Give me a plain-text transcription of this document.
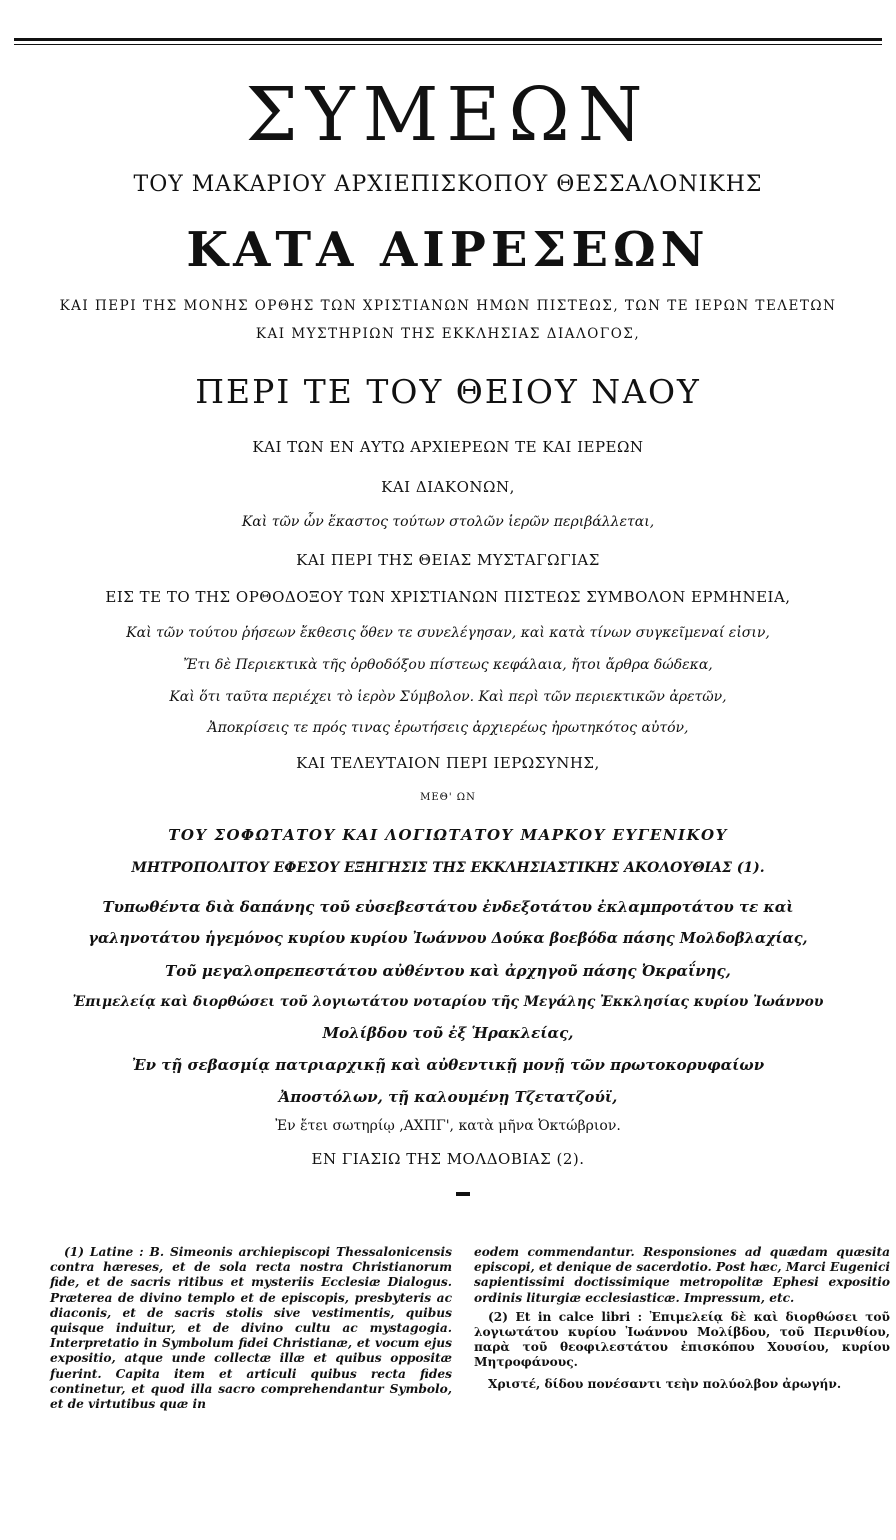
ΣΥΜΕΩΝ
ΤΟΥ ΜΑΚΑΡΙΟΥ ΑΡΧΙΕΠΙΣΚΟΠΟΥ ΘΕΣΣΑΛΟΝΙΚΗΣ
ΚΑΤΑ ΑΙΡΕΣΕΩΝ
ΚΑΙ ΠΕΡΙ ΤΗΣ ΜΟΝΗΣ ΟΡΘΗΣ ΤΩΝ ΧΡΙΣΤΙΑΝΩΝ ΗΜΩΝ ΠΙΣΤΕΩΣ, ΤΩΝ ΤΕ ΙΕΡΩΝ ΤΕΛΕΤΩΝ
ΚΑΙ ΜΥΣΤΗΡΙΩΝ ΤΗΣ ΕΚΚΛΗΣΙΑΣ ΔΙΑΛΟΓΟΣ,
ΠΕΡΙ ΤΕ ΤΟΥ ΘΕΙΟΥ ΝΑΟΥ
ΚΑΙ ΤΩΝ ΕΝ ΑΥΤΩ ΑΡΧΙΕΡΕΩΝ ΤΕ ΚΑΙ ΙΕΡΕΩΝ
ΚΑΙ ΔΙΑΚΟΝΩΝ,
Καὶ τῶν ὧν ἕκαστος τούτων στολῶν ἱερῶν περιβάλλεται,
ΚΑΙ ΠΕΡΙ ΤΗΣ ΘΕΙΑΣ ΜΥΣΤΑΓΩΓΙΑΣ
ΕΙΣ ΤΕ ΤΟ ΤΗΣ ΟΡΘΟΔΟΞΟΥ ΤΩΝ ΧΡΙΣΤΙΑΝΩΝ ΠΙΣΤΕΩΣ ΣΥΜΒΟΛΟΝ ΕΡΜΗΝΕΙΑ,
Καὶ τῶν τούτου ῥήσεων ἔκθεσις ὅθεν τε συνελέγησαν, καὶ κατὰ τίνων συγκεῖμεναί εἰσιν,
Ἔτι δὲ Περιεκτικὰ τῆς ὀρθοδόξου πίστεως κεφάλαια, ἤτοι ἄρθρα δώδεκα,
Καὶ ὅτι ταῦτα περιέχει τὸ ἱερὸν Σύμβολον. Καὶ περὶ τῶν περιεκτικῶν ἀρετῶν,
Ἀποκρίσεις τε πρός τινας ἐρωτήσεις ἀρχιερέως ἠρωτηκότος αὐτόν,
ΚΑΙ ΤΕΛΕΥΤΑΙΟΝ ΠΕΡΙ ΙΕΡΩΣΥΝΗΣ,
ΜΕΘ' ΩΝ
ΤΟΥ ΣΟΦΩΤΑΤΟΥ ΚΑΙ ΛΟΓΙΩΤΑΤΟΥ ΜΑΡΚΟΥ ΕΥΓΕΝΙΚΟΥ
ΜΗΤΡΟΠΟΛΙΤΟΥ ΕΦΕΣΟΥ ΕΞΗΓΗΣΙΣ ΤΗΣ ΕΚΚΛΗΣΙΑΣΤΙΚΗΣ ΑΚΟΛΟΥΘΙΑΣ (1).
Τυπωθέντα διὰ δαπάνης τοῦ εὐσεβεστάτου ἐνδεξοτάτου ἐκλαμπροτάτου τε καὶ
γαληνοτάτου ἡγεμόνος κυρίου κυρίου Ἰωάννου Δούκα βοεβόδα πάσης Μολδοβλαχίας,
Τοῦ μεγαλοπρεπεστάτου αὐθέντου καὶ ἀρχηγοῦ πάσης Ὀκραΐνης,
Ἐπιμελείᾳ καὶ διορθώσει τοῦ λογιωτάτου νοταρίου τῆς Μεγάλης Ἐκκλησίας κυρίου Ἰωάννου
Μολίβδου τοῦ ἐξ Ἡρακλείας,
Ἐν τῇ σεβασμίᾳ πατριαρχικῇ καὶ αὐθεντικῇ μονῇ τῶν πρωτοκορυφαίων
Ἀποστόλων, τῇ καλουμένῃ Τζετατζούϊ,
Ἐν ἔτει σωτηρίῳ ,ΑΧΠΓ', κατὰ μῆνα Ὀκτώβριον.
ΕΝ ΓΙΑΣΙΩ ΤΗΣ ΜΟΛΔΟΒΙΑΣ (2).

(1) Latine : B. Simeonis archiepiscopi Thessalonicensis contra hæreses, et de sola recta nostra Christianorum fide, et de sacris ritibus et mysteriis Ecclesiæ Dialogus. Præterea de divino templo et de episcopis, presbyteris ac diaconis, et de sacris stolis sive vestimentis, quibus quisque induitur, et de divino cultu ac mystagogia. Interpretatio in Symbolum fidei Christianæ, et vocum ejus expositio, atque unde collectæ illæ et quibus oppositæ fuerint. Capita item et articuli quibus recta fides continetur, et quod illa sacro comprehendantur Symbolo, et de virtutibus quæ in

eodem commendantur. Responsiones ad quædam quæsita episcopi, et denique de sacerdotio. Post hæc, Marci Eugenici sapientissimi doctissimique metropolitæ Ephesi expositio ordinis liturgiæ ecclesiasticæ. Impressum, etc.

(2) Et in calce libri : Ἐπιμελείᾳ δὲ καὶ διορθώσει τοῦ λογιωτάτου κυρίου Ἰωάννου Μολίβδου, τοῦ Περινθίου, παρὰ τοῦ θεοφιλεστάτου ἐπισκόπου Χουσίου, κυρίου Μητροφάνους.

Χριστέ, δίδου πονέσαντι τεὴν πολύολβον ἀρωγήν.
